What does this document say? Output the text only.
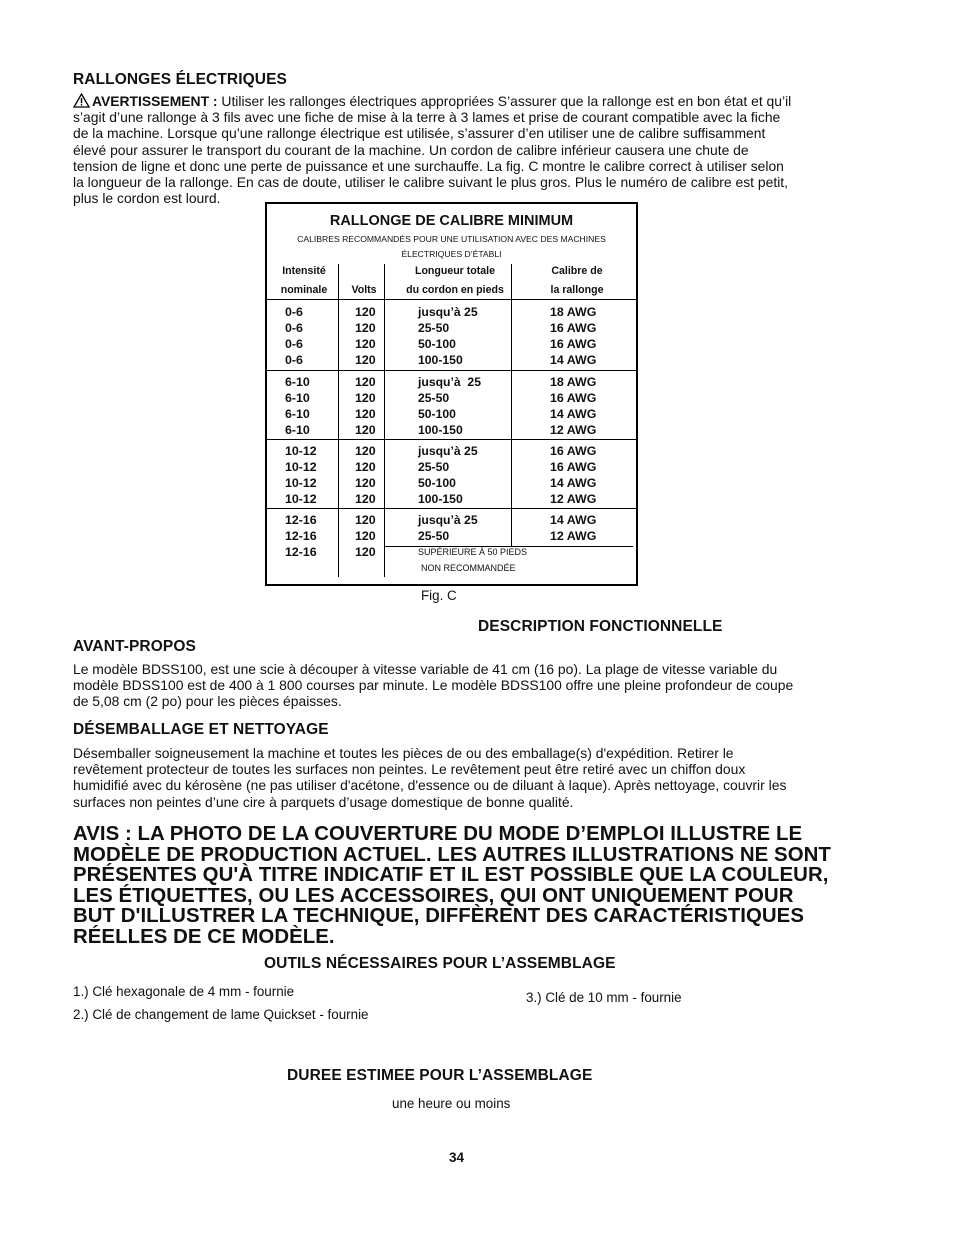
RALLONGES ÉLECTRIQUES

AVERTISSEMENT : Utiliser les rallonges électriques appropriées S’assurer que la rallonge est en bon état et qu’il

s’agit d’une rallonge à 3 fils avec une fiche de mise à la terre à 3 lames et prise de courant compatible avec la fiche

de la machine. Lorsque qu’une rallonge électrique est utilisée, s’assurer d’en utiliser une de calibre suffisamment

élevé pour assurer le transport du courant de la machine. Un cordon de calibre inférieur causera une chute de

tension de ligne et donc une perte de puissance et une surchauffe. La fig. C montre le calibre correct à utiliser selon

la longueur de la rallonge. En cas de doute, utiliser le calibre suivant le plus gros. Plus le numéro de calibre est petit,

plus le cordon est lourd.

RALLONGE DE CALIBRE MINIMUM
CALIBRES RECOMMANDÉS POUR UNE UTILISATION AVEC DES MACHINES
ÉLECTRIQUES D’ÉTABLI
Intensité
nominale	Volts
Longueur totale
du cordon en pieds
Calibre de
la rallonge
0-6
0-6
0-6
0-6
120
120
120
120
jusqu’à 25
25-50
50-100
100-150
18 AWG
16 AWG
16 AWG
14 AWG
6-10
6-10
6-10
6-10
120
120
120
120
jusqu’à  25
25-50
50-100
100-150
18 AWG
16 AWG
14 AWG
12 AWG
10-12
10-12
10-12
10-12
120
120
120
120
jusqu’à 25
25-50
50-100
100-150
16 AWG
16 AWG
14 AWG
12 AWG
12-16
12-16
12-16
120
120
120
jusqu’à 25
25-50
14 AWG
12 AWG
SUPÉRIEURE À 50 PIEDS
NON RECOMMANDÉE
Fig. C
DESCRIPTION FONCTIONNELLE
AVANT-PROPOS

Le modèle BDSS100, est une scie à découper à vitesse variable de 41 cm (16 po). La plage de vitesse variable du

modèle BDSS100 est de 400 à 1 800 courses par minute. Le modèle BDSS100 offre une pleine profondeur de coupe

de 5,08 cm (2 po) pour les pièces épaisses.

DÉSEMBALLAGE ET NETTOYAGE

Désemballer soigneusement la machine et toutes les pièces de ou des emballage(s) d'expédition. Retirer le

revêtement protecteur de toutes les surfaces non peintes. Le revêtement peut être retiré avec un chiffon doux

humidifié avec du kérosène (ne pas utiliser d'acétone, d'essence ou de diluant à laque). Après nettoyage, couvrir les

surfaces non peintes d’une cire à parquets d’usage domestique de bonne qualité.

AVIS : LA PHOTO DE LA COUVERTURE DU MODE D’EMPLOI ILLUSTRE LE
MODÈLE DE PRODUCTION ACTUEL. LES AUTRES ILLUSTRATIONS NE SONT
PRÉSENTES QU'À TITRE INDICATIF ET IL EST POSSIBLE QUE LA COULEUR,
LES ÉTIQUETTES, OU LES ACCESSOIRES, QUI ONT UNIQUEMENT POUR
BUT D'ILLUSTRER LA TECHNIQUE, DIFFÈRENT DES CARACTÉRISTIQUES
RÉELLES DE CE MODÈLE.
OUTILS NÉCESSAIRES POUR L’ASSEMBLAGE
1.) Clé hexagonale de 4 mm - fournie
2.) Clé de changement de lame Quickset - fournie
3.) Clé de 10 mm - fournie
DUREE ESTIMEE POUR L’ASSEMBLAGE
une heure ou moins
34
